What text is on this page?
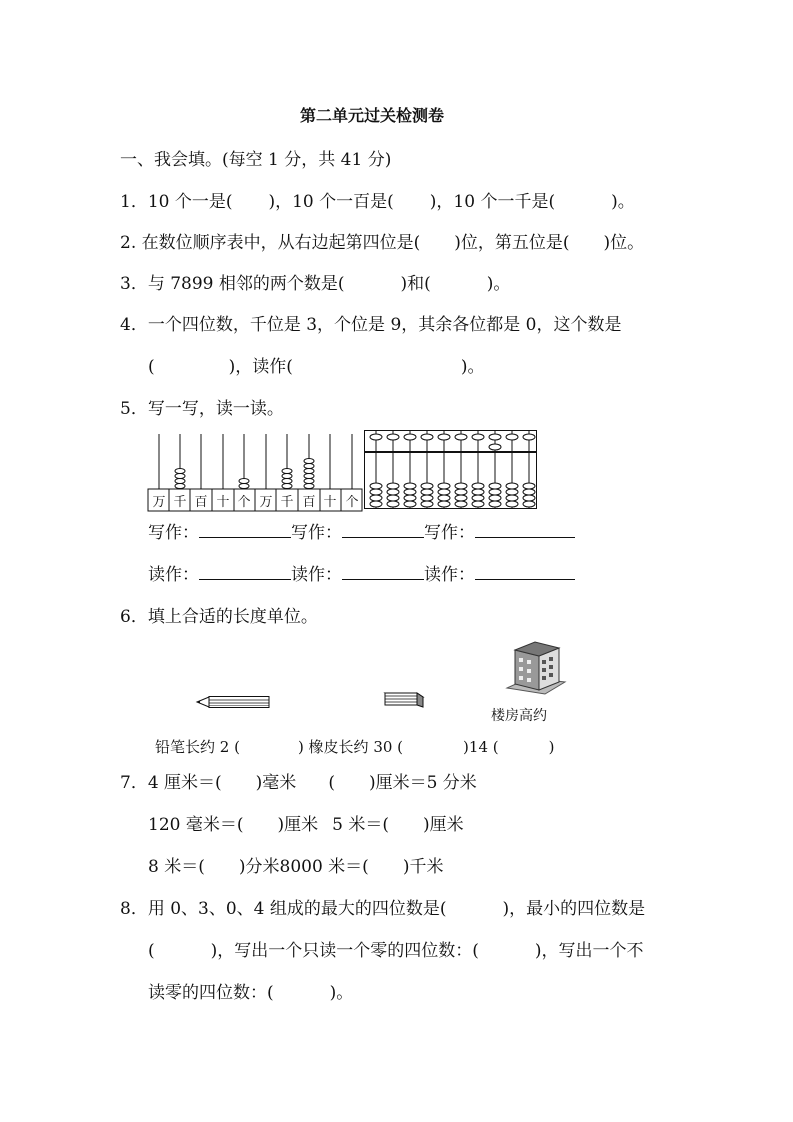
第二单元过关检测卷
一、我会填。(每空 1 分，共 41 分)
1．10 个一是( )，10 个一百是( )，10 个一千是(	)。
2. 在数位顺序表中，从右边起第四位是( )位，第五位是( )位。
3．与 7899 相邻的两个数是(	)和(	)。
4．一个四位数，千位是 3，个位是 9，其余各位都是 0，这个数是
(	)，读作(	)。
5．写一写，读一读。
万 千 百 十 个 万 千 百 十 个
写作：	写作：	写作：
读作：	读作：	读作：
6．填上合适的长度单位。
楼房高约
铅笔长约 2 (	) 橡皮长约 30 (	)14 (	)
7．4 厘米＝( )毫米 ( )厘米＝5 分米
120 毫米＝( )厘米 5 米＝( )厘米
8 米＝( )分米8000 米＝( )千米
8．用 0、3、0、4 组成的最大的四位数是(	)，最小的四位数是
(	)，写出一个只读一个零的四位数：(	)，写出一个不
读零的四位数：(	)。
